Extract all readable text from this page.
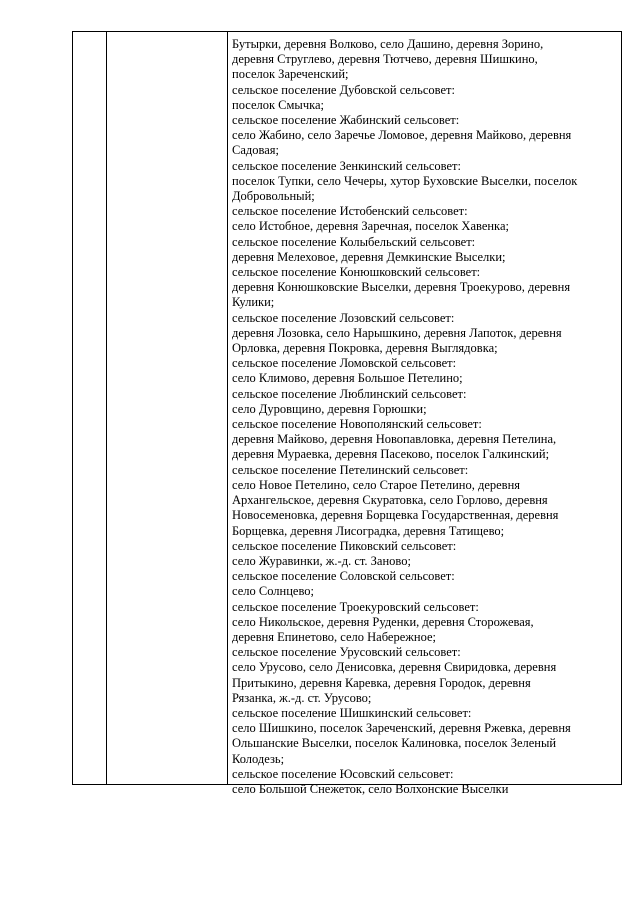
Бутырки, деревня Волково, село Дашино, деревня Зорино,
деревня Струглево, деревня Тютчево, деревня Шишкино,
поселок Зареченский;
сельское поселение Дубовской сельсовет:
поселок Смычка;
сельское поселение Жабинский сельсовет:
село Жабино, село Заречье Ломовое, деревня Майково, деревня
Садовая;
сельское поселение Зенкинский сельсовет:
поселок Тупки, село Чечеры, хутор Буховские Выселки, поселок
Добровольный;
сельское поселение Истобенский сельсовет:
село Истобное, деревня Заречная, поселок Хавенка;
сельское поселение Колыбельский сельсовет:
деревня Мелеховое, деревня Демкинские Выселки;
сельское поселение Конюшковский сельсовет:
деревня Конюшковские Выселки, деревня Троекурово, деревня
Кулики;
сельское поселение Лозовский сельсовет:
деревня Лозовка, село Нарышкино, деревня Лапоток, деревня
Орловка, деревня Покровка, деревня Выглядовка;
сельское поселение Ломовской сельсовет:
село Климово, деревня Большое Петелино;
сельское поселение Люблинский сельсовет:
село Дуровщино, деревня Горюшки;
сельское поселение Новополянский сельсовет:
деревня Майково, деревня Новопавловка, деревня Петелина,
деревня Мураевка, деревня Пасеково, поселок Галкинский;
сельское поселение Петелинский сельсовет:
село Новое Петелино, село Старое Петелино, деревня
Архангельское, деревня Скуратовка, село Горлово, деревня
Новосеменовка, деревня Борщевка Государственная, деревня
Борщевка, деревня Лисоградка, деревня Татищево;
сельское поселение Пиковский сельсовет:
село Журавинки, ж.-д. ст. Заново;
сельское поселение Соловской сельсовет:
село Солнцево;
сельское поселение Троекуровский сельсовет:
село Никольское, деревня Руденки, деревня Сторожевая,
деревня Епинетово, село Набережное;
сельское поселение Урусовский сельсовет:
село Урусово, село Денисовка, деревня Свиридовка, деревня
Притыкино, деревня Каревка, деревня Городок, деревня
Рязанка, ж.-д. ст. Урусово;
сельское поселение Шишкинский сельсовет:
село Шишкино, поселок Зареченский, деревня Ржевка, деревня
Ольшанские Выселки, поселок Калиновка, поселок Зеленый
Колодезь;
сельское поселение Юсовский сельсовет:
село Большой Снежеток, село Волхонские Выселки
